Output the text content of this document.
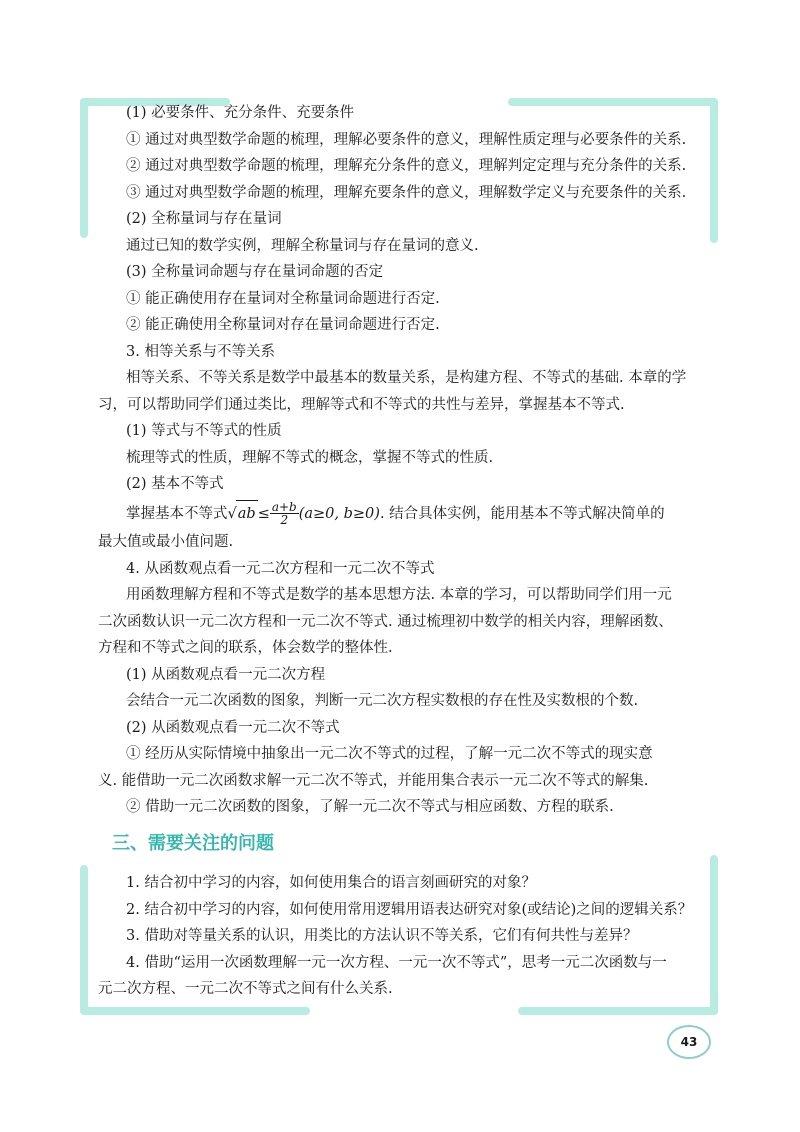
(1) 必要条件、充分条件、充要条件
① 通过对典型数学命题的梳理，理解必要条件的意义，理解性质定理与必要条件的关系.
② 通过对典型数学命题的梳理，理解充分条件的意义，理解判定定理与充分条件的关系.
③ 通过对典型数学命题的梳理，理解充要条件的意义，理解数学定义与充要条件的关系.
(2) 全称量词与存在量词
通过已知的数学实例，理解全称量词与存在量词的意义.
(3) 全称量词命题与存在量词命题的否定
① 能正确使用存在量词对全称量词命题进行否定.
② 能正确使用全称量词对存在量词命题进行否定.
3. 相等关系与不等关系
相等关系、不等关系是数学中最基本的数量关系，是构建方程、不等式的基础. 本章的学
习，可以帮助同学们通过类比，理解等式和不等式的共性与差异，掌握基本不等式.
(1) 等式与不等式的性质
梳理等式的性质，理解不等式的概念，掌握不等式的性质.
(2) 基本不等式
掌握基本不等式$√ab \le \frac{a+b}{2} (a\ge 0$, b≥0). 结合具体实例，能用基本不等式解决简单的
最大值或最小值问题.
4. 从函数观点看一元二次方程和一元二次不等式
用函数理解方程和不等式是数学的基本思想方法. 本章的学习，可以帮助同学们用一元
二次函数认识一元二次方程和一元二次不等式. 通过梳理初中数学的相关内容，理解函数、
方程和不等式之间的联系，体会数学的整体性.
(1) 从函数观点看一元二次方程
会结合一元二次函数的图象，判断一元二次方程实数根的存在性及实数根的个数.
(2) 从函数观点看一元二次不等式
① 经历从实际情境中抽象出一元二次不等式的过程，了解一元二次不等式的现实意
义. 能借助一元二次函数求解一元二次不等式，并能用集合表示一元二次不等式的解集.
② 借助一元二次函数的图象，了解一元二次不等式与相应函数、方程的联系.
三、需要关注的问题
1. 结合初中学习的内容，如何使用集合的语言刻画研究的对象？
2. 结合初中学习的内容，如何使用常用逻辑用语表达研究对象(或结论)之间的逻辑关系？
3. 借助对等量关系的认识，用类比的方法认识不等关系，它们有何共性与差异？
4. 借助“运用一次函数理解一元一次方程、一元一次不等式”，思考一元二次函数与一
元二次方程、一元二次不等式之间有什么关系.
43
